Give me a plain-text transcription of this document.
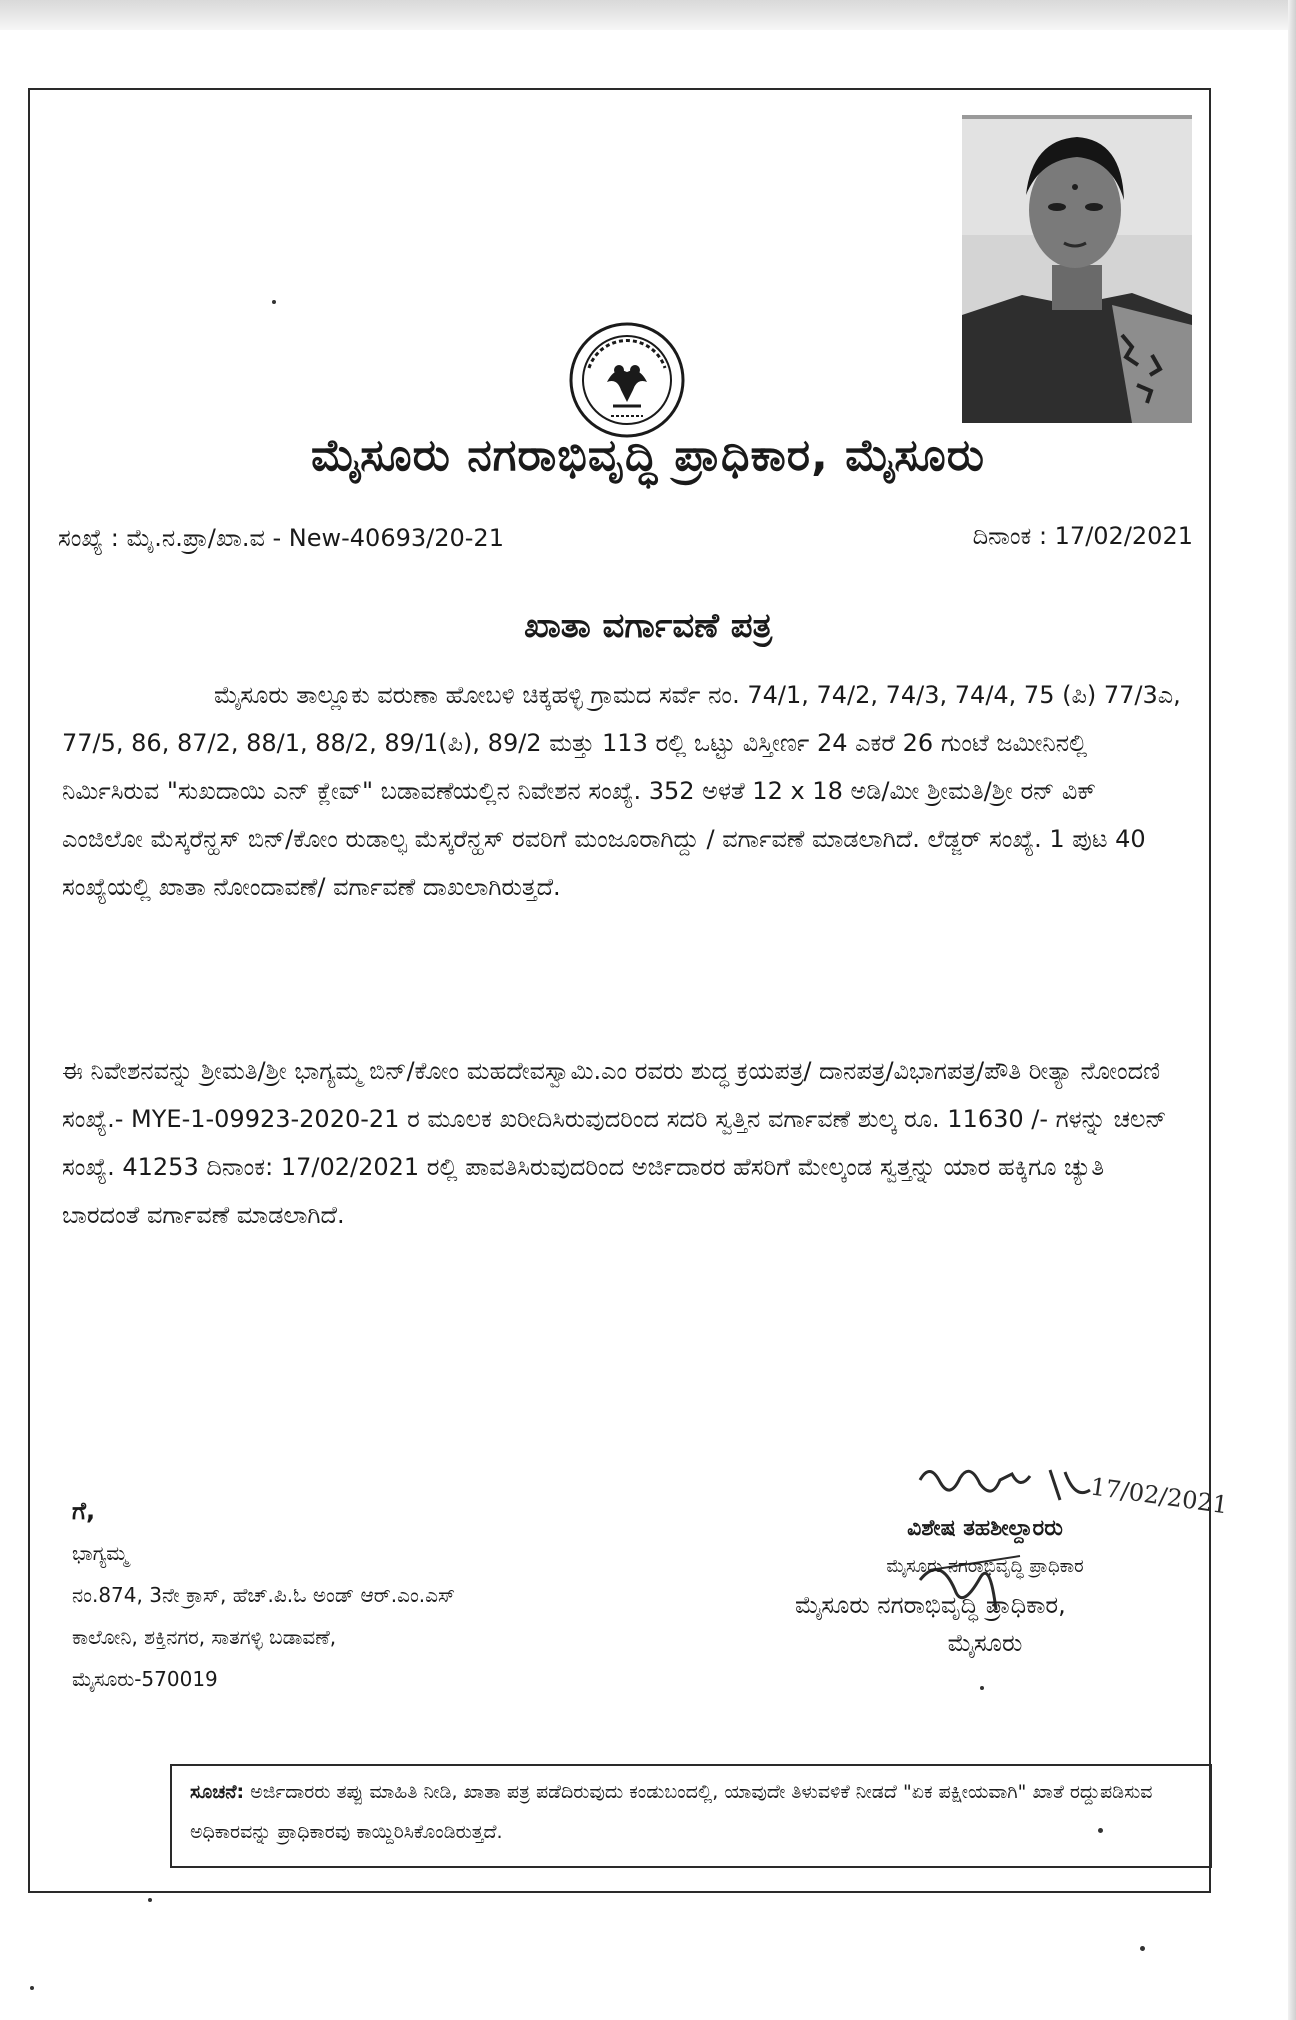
ಮೈಸೂರು ನಗರಾಭಿವೃದ್ಧಿ ಪ್ರಾಧಿಕಾರ, ಮೈಸೂರು
ಸಂಖ್ಯೆ : ಮೈ.ನ.ಪ್ರಾ/ಖಾ.ವ - New-40693/20-21	ದಿನಾಂಕ : 17/02/2021
ಖಾತಾ ವರ್ಗಾವಣೆ ಪತ್ರ
ಮೈಸೂರು ತಾಲ್ಲೂಕು ವರುಣಾ ಹೋಬಳಿ ಚಿಕ್ಕಹಳ್ಳಿ ಗ್ರಾಮದ ಸರ್ವೆ ನಂ. 74/1, 74/2, 74/3, 74/4, 75 (ಪಿ) 77/3ಎ, 77/5, 86, 87/2, 88/1, 88/2, 89/1(ಪಿ), 89/2 ಮತ್ತು 113 ರಲ್ಲಿ ಒಟ್ಟು ವಿಸ್ತೀರ್ಣ 24 ಎಕರೆ 26 ಗುಂಟೆ ಜಮೀನಿನಲ್ಲಿ ನಿರ್ಮಿಸಿರುವ "ಸುಖದಾಯಿ ಎನ್ ಕ್ಲೇವ್" ಬಡಾವಣೆಯಲ್ಲಿನ ನಿವೇಶನ ಸಂಖ್ಯೆ. 352 ಅಳತೆ 12 x 18 ಅಡಿ/ಮೀ ಶ್ರೀಮತಿ/ಶ್ರೀ ರನ್ ವಿಕ್ ಎಂಜಿಲೋ ಮೆಸ್ಕರೆನ್ಹಸ್ ಬಿನ್/ಕೋಂ ರುಡಾಲ್ಫ ಮೆಸ್ಕರೆನ್ಹಸ್ ರವರಿಗೆ ಮಂಜೂರಾಗಿದ್ದು / ವರ್ಗಾವಣೆ ಮಾಡಲಾಗಿದೆ. ಲೆಡ್ಜರ್ ಸಂಖ್ಯೆ. 1 ಪುಟ 40 ಸಂಖ್ಯೆಯಲ್ಲಿ ಖಾತಾ ನೋಂದಾವಣೆ/ ವರ್ಗಾವಣೆ ದಾಖಲಾಗಿರುತ್ತದೆ.
ಈ ನಿವೇಶನವನ್ನು ಶ್ರೀಮತಿ/ಶ್ರೀ ಭಾಗ್ಯಮ್ಮ ಬಿನ್/ಕೋಂ ಮಹದೇವಸ್ವಾಮಿ.ಎಂ ರವರು ಶುದ್ಧ ಕ್ರಯಪತ್ರ/ ದಾನಪತ್ರ/ವಿಭಾಗಪತ್ರ/ಪೌತಿ ರೀತ್ಯಾ ನೋಂದಣಿ ಸಂಖ್ಯೆ.- MYE-1-09923-2020-21 ರ ಮೂಲಕ ಖರೀದಿಸಿರುವುದರಿಂದ ಸದರಿ ಸ್ವತ್ತಿನ ವರ್ಗಾವಣೆ ಶುಲ್ಕ ರೂ. 11630 /- ಗಳನ್ನು ಚಲನ್ ಸಂಖ್ಯೆ. 41253 ದಿನಾಂಕ: 17/02/2021 ರಲ್ಲಿ ಪಾವತಿಸಿರುವುದರಿಂದ ಅರ್ಜಿದಾರರ ಹೆಸರಿಗೆ ಮೇಲ್ಕಂಡ ಸ್ವತ್ತನ್ನು ಯಾರ ಹಕ್ಕಿಗೂ ಚ್ಯುತಿ ಬಾರದಂತೆ ವರ್ಗಾವಣೆ ಮಾಡಲಾಗಿದೆ.
ಗೆ,
ಭಾಗ್ಯಮ್ಮ
ನಂ.874, 3ನೇ ಕ್ರಾಸ್, ಹೆಚ್.ಪಿ.ಓ ಅಂಡ್ ಆರ್.ಎಂ.ಎಸ್
ಕಾಲೋನಿ, ಶಕ್ತಿನಗರ, ಸಾತಗಳ್ಳಿ ಬಡಾವಣೆ,
ಮೈಸೂರು-570019
17/02/2021
ವಿಶೇಷ ತಹಶೀಲ್ದಾರರು
ಮೈಸೂರು ನಗರಾಭಿವೃದ್ಧಿ ಪ್ರಾಧಿಕಾರ
ಮೈಸೂರು ನಗರಾಭಿವೃದ್ಧಿ ಪ್ರಾಧಿಕಾರ,
ಮೈಸೂರು
ಸೂಚನೆ: ಅರ್ಜಿದಾರರು ತಪ್ಪು ಮಾಹಿತಿ ನೀಡಿ, ಖಾತಾ ಪತ್ರ ಪಡೆದಿರುವುದು ಕಂಡುಬಂದಲ್ಲಿ, ಯಾವುದೇ ತಿಳುವಳಿಕೆ ನೀಡದೆ "ಏಕ ಪಕ್ಷೀಯವಾಗಿ" ಖಾತೆ ರದ್ದುಪಡಿಸುವ ಅಧಿಕಾರವನ್ನು ಪ್ರಾಧಿಕಾರವು ಕಾಯ್ದಿರಿಸಿಕೊಂಡಿರುತ್ತದೆ.
